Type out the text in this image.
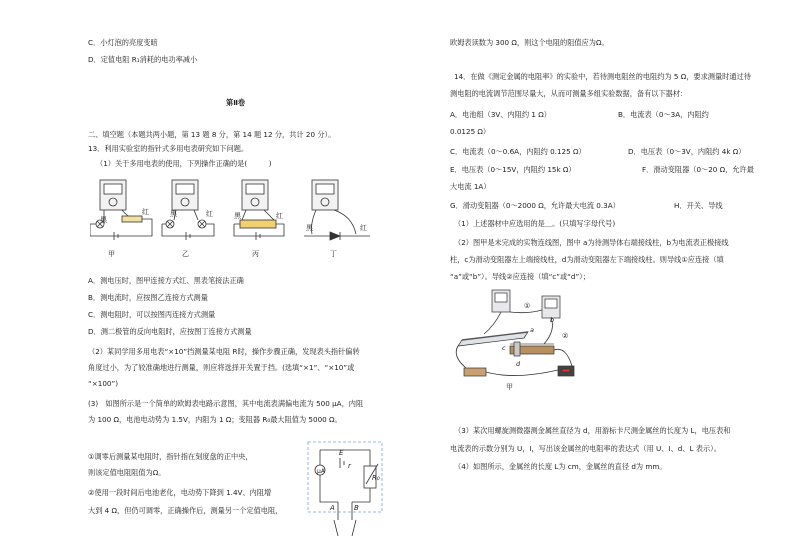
C．小灯泡的亮度变暗
D．定值电阻 R₁消耗的电功率减小
第Ⅱ卷
二、填空题（本题共两小题，第 13 题 8 分，第 14 题 12 分，共计 20 分）。
13．利用实验室的指针式多用电表研究如下问题。
（1）关于多用电表的使用，下列操作正确的是(　　　)
黑
红	黑	红	黑	红
黑	红
甲	乙	丙	丁
A．测电压时，图甲连接方式红、黑表笔接法正确
B．测电流时，应按图乙连接方式测量
C．测电阻时，可以按图丙连接方式测量
D．测二极管的反向电阻时，应按图丁连接方式测量
（2）某同学用多用电表“×10”挡测量某电阻 R时，操作步骤正确，发现表头指针偏转
角度过小，为了较准确地进行测量，则应将选择开关置于挡。(选填“×1”、“×10”或
“×100”)
(3)　如图所示是一个简单的欧姆表电路示意图，其中电流表满偏电流为 500 μA，内阻
为 100 Ω，电池电动势为 1.5V，内阻为 1 Ω；变阻器 R₀最大阻值为 5000 Ω。
①调零后测量某电阻时，指针指在刻度盘的正中央，
则该定值电阻阻值为Ω。
②使用一段时间后电池老化，电动势下降到 1.4V、内阻增
大到 4 Ω，但仍可调零，正确操作后，测量另一个定值电阻，
μA
E
r
R₀
A	B
欧姆表读数为 300 Ω，则这个电阻的阻值应为Ω。
14．在做《测定金属的电阻率》的实验中，若待测电阻丝的电阻约为 5 Ω，要求测量时通过待
测电阻的电流调节范围尽量大，从而可测量多组实验数据，备有以下器材：
A．电池组（3V、内阻约 1 Ω）	B．电流表（0～3A，内阻约
0.0125 Ω）
C．电流表（0～0.6A，内阻约 0.125 Ω）	D．电压表（0～3V，内阻约 4k Ω）
E．电压表（0～15V，内阻约 15k Ω）	F．滑动变阻器（0～20 Ω，允许最
大电流 1A）
G．滑动变阻器（0～2000 Ω，允许最大电流 0.3A）	H．开关、导线
（1）上述器材中应选用的是＿。(只填写字母代号)
（2）图甲是未完成的实物连线图，图中 a为待测导体右端接线柱，b为电流表正极接线
柱，c为滑动变阻器左上端接线柱，d为滑动变阻器左下端接线柱。则导线①应连接（填
“a”或“b”）。导线②应连接（填“c”或“d”）；
①
②
a
b
c
d
甲
（3）某次用螺旋测微器测金属丝直径为 d，用游标卡尺测金属丝的长度为 L，电压表和
电流表的示数分别为 U，I，写出该金属丝的电阻率的表达式（用 U、I、d、L 表示）。
（4）如图所示，金属丝的长度 L为 cm，金属丝的直径 d为 mm。
